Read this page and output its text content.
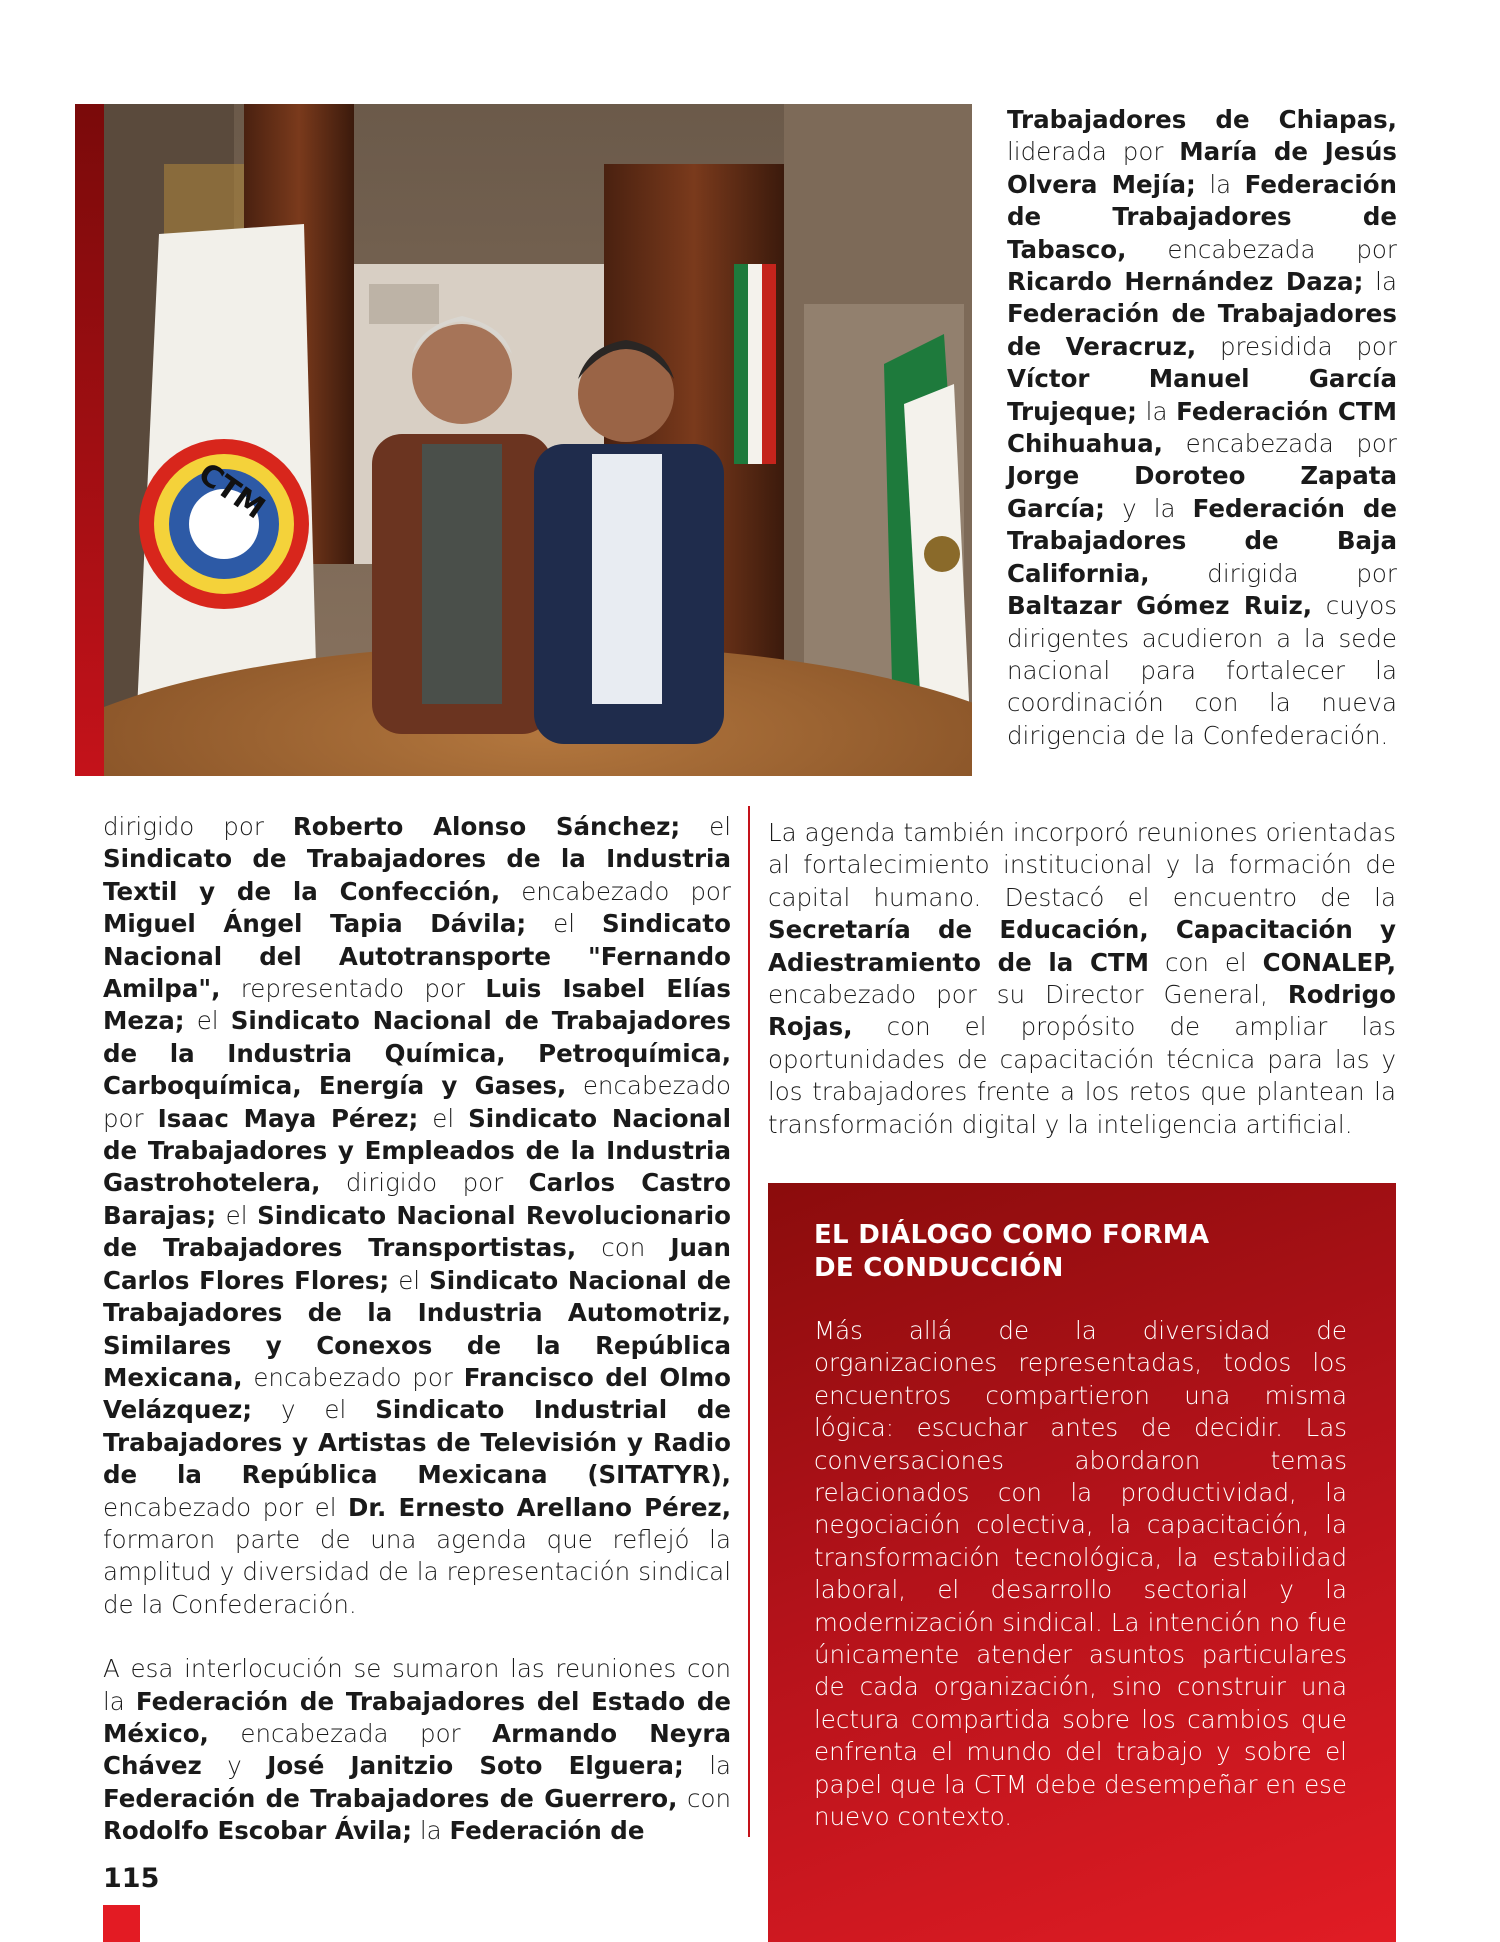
CTM

Trabajadores de Chiapas, liderada por María de Jesús Olvera Mejía; la Federación de Trabajadores de Tabasco, encabezada por Ricardo Hernández Daza; la Federación de Trabajadores de Veracruz, presidida por Víctor Manuel García Trujeque; la Federación CTM Chihuahua, encabezada por Jorge Doroteo Zapata García; y la Federación de Trabajadores de Baja California, dirigida por Baltazar Gómez Ruiz, cuyos dirigentes acudieron a la sede nacional para fortalecer la coordinación con la nueva dirigencia de la Confederación.

dirigido por Roberto Alonso Sánchez; el Sindicato de Trabajadores de la Industria Textil y de la Confección, encabezado por Miguel Ángel Tapia Dávila; el Sindicato Nacional del Autotransporte "Fernando Amilpa", representado por Luis Isabel Elías Meza; el Sindicato Nacional de Trabajadores de la Industria Química, Petroquímica, Carboquímica, Energía y Gases, encabezado por Isaac Maya Pérez; el Sindicato Nacional de Trabajadores y Empleados de la Industria Gastrohotelera, dirigido por Carlos Castro Barajas; el Sindicato Nacional Revolucionario de Trabajadores Transportistas, con Juan Carlos Flores Flores; el Sindicato Nacional de Trabajadores de la Industria Automotriz, Similares y Conexos de la República Mexicana, encabezado por Francisco del Olmo Velázquez; y el Sindicato Industrial de Trabajadores y Artistas de Televisión y Radio de la República Mexicana (SITATYR), encabezado por el Dr. Ernesto Arellano Pérez, formaron parte de una agenda que reflejó la amplitud y diversidad de la representación sindical de la Confederación.

A esa interlocución se sumaron las reuniones con la Federación de Trabajadores del Estado de México, encabezada por Armando Neyra Chávez y José Janitzio Soto Elguera; la Federación de Trabajadores de Guerrero, con Rodolfo Escobar Ávila; la Federación de

La agenda también incorporó reuniones orientadas al fortalecimiento institucional y la formación de capital humano. Destacó el encuentro de la Secretaría de Educación, Capacitación y Adiestramiento de la CTM con el CONALEP, encabezado por su Director General, Rodrigo Rojas, con el propósito de ampliar las oportunidades de capacitación técnica para las y los trabajadores frente a los retos que plantean la transformación digital y la inteligencia artificial.

EL DIÁLOGO COMO FORMA
DE CONDUCCIÓN
Más allá de la diversidad de organizaciones representadas, todos los encuentros compartieron una misma lógica: escuchar antes de decidir. Las conversaciones abordaron temas relacionados con la productividad, la negociación colectiva, la capacitación, la transformación tecnológica, la estabilidad laboral, el desarrollo sectorial y la modernización sindical. La intención no fue únicamente atender asuntos particulares de cada organización, sino construir una lectura compartida sobre los cambios que enfrenta el mundo del trabajo y sobre el papel que la CTM debe desempeñar en ese nuevo contexto.
115
